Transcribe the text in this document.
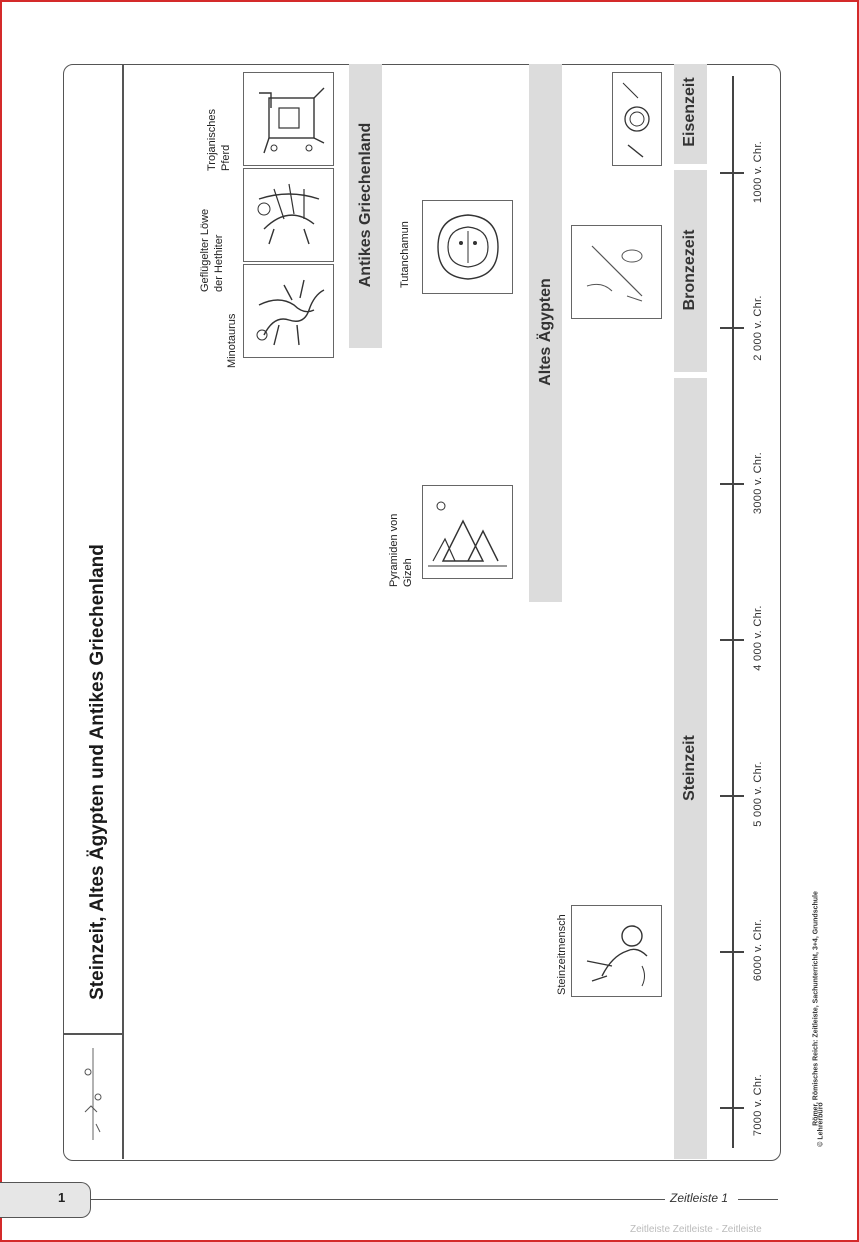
Steinzeit, Altes Ägypten und Antikes Griechenland
Antikes Griechenland
Altes Ägypten
Steinzeit
Bronzezeit
Eisenzeit
Minotaurus
Geflügelter Löwe der Hethiter
Trojanisches Pferd
Tutanchamun
Pyramiden von Gizeh
Steinzeitmensch
7000 v. Chr.
6000 v. Chr.
5 000 v. Chr.
4 000 v. Chr.
3000 v. Chr.
2 000 v. Chr.
1000 v. Chr.
Römer, Römisches Reich: Zeitleiste, Sachunterricht, 3+4, Grundschule
© Lehrerbüro
1	Zeitleiste 1
Zeitleiste Zeitleiste - Zeitleiste
